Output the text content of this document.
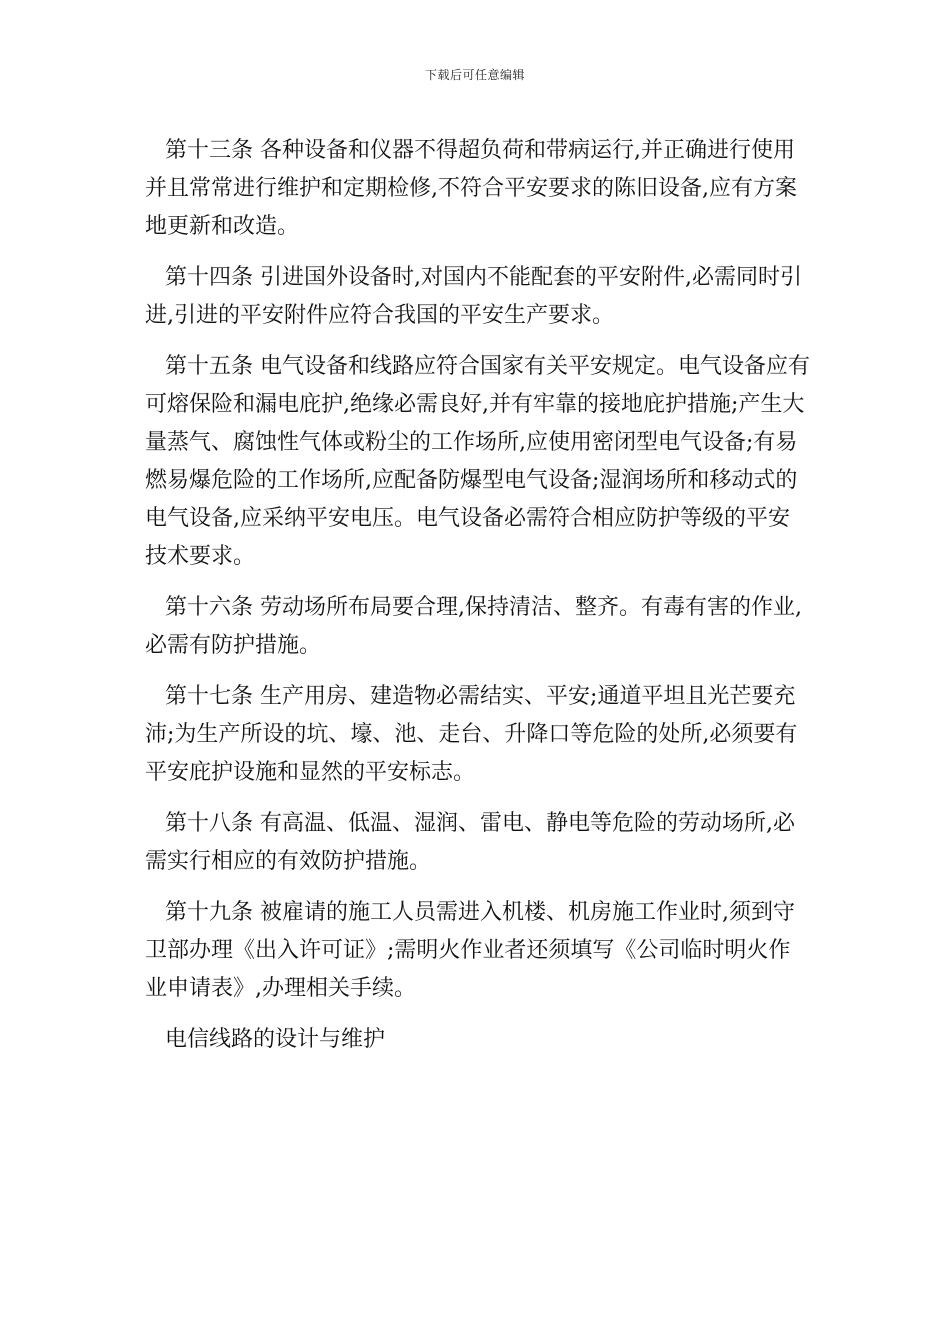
下载后可任意编辑

第十三条 各种设备和仪器不得超负荷和带病运行,并正确进行使用并且常常进行维护和定期检修,不符合平安要求的陈旧设备,应有方案地更新和改造。

第十四条 引进国外设备时,对国内不能配套的平安附件,必需同时引进,引进的平安附件应符合我国的平安生产要求。

第十五条 电气设备和线路应符合国家有关平安规定。电气设备应有可熔保险和漏电庇护,绝缘必需良好,并有牢靠的接地庇护措施;产生大量蒸气、腐蚀性气体或粉尘的工作场所,应使用密闭型电气设备;有易燃易爆危险的工作场所,应配备防爆型电气设备;湿润场所和移动式的电气设备,应采纳平安电压。电气设备必需符合相应防护等级的平安技术要求。

第十六条 劳动场所布局要合理,保持清洁、整齐。有毒有害的作业,必需有防护措施。

第十七条 生产用房、建造物必需结实、平安;通道平坦且光芒要充沛;为生产所设的坑、壕、池、走台、升降口等危险的处所,必须要有平安庇护设施和显然的平安标志。

第十八条 有高温、低温、湿润、雷电、静电等危险的劳动场所,必需实行相应的有效防护措施。

第十九条 被雇请的施工人员需进入机楼、机房施工作业时,须到守卫部办理《出入许可证》;需明火作业者还须填写《公司临时明火作业申请表》,办理相关手续。

电信线路的设计与维护
